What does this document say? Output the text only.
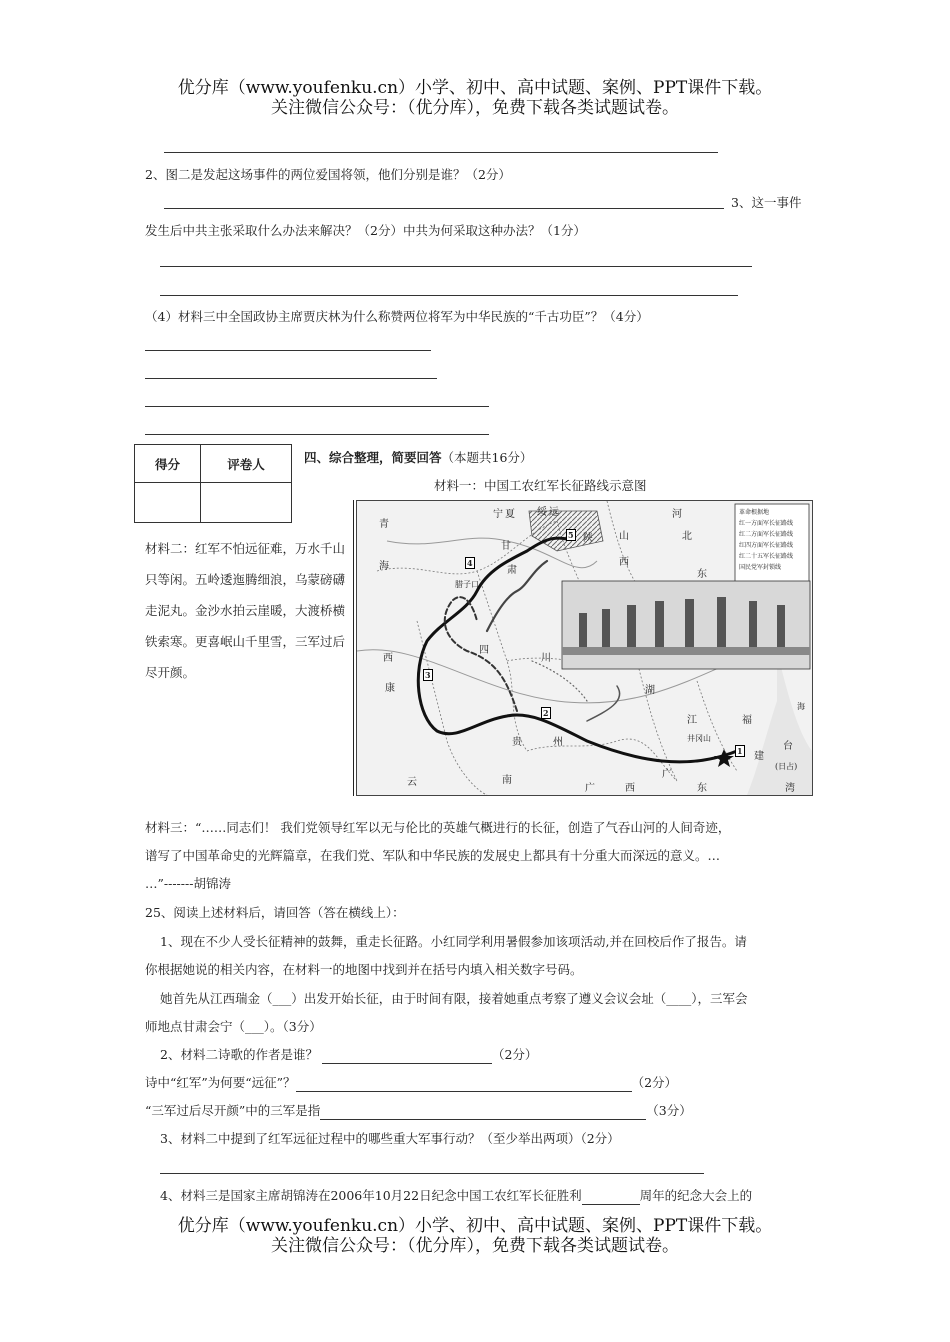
优分库（www.youfenku.cn）小学、初中、高中试题、案例、PPT课件下载。
关注微信公众号：（优分库），免费下载各类试题试卷。
2、图二是发起这场事件的两位爱国将领，他们分别是谁？（2分）
3、这一事件
发生后中共主张采取什么办法来解决？（2分）中共为何采取这种办法？（1分）
（4）材料三中全国政协主席贾庆林为什么称赞两位将军为中华民族的“千古功臣”？（4分）
得分	评卷人
		四、综合整理，简要回答（本题共16分）
材料一：中国工农红军长征路线示意图
材料二：红军不怕远征难，万水千山只等闲。五岭逶迤腾细浪，乌蒙磅礴走泥丸。金沙水拍云崖暖，大渡桥横铁索寒。更喜岷山千里雪，三军过后尽开颜。
革命根据地
红一方面军长征路线
红二方面军长征路线
红四方面军长征路线
红二十五军长征路线
国民党军封锁线
青
宁 夏 绥 远
陕
河
北
山
西
东
甘
肃
海
西
康
四
川
湖
江	福
建
贵	州
云	南
广	西
广
东
台
湾
(日占)
腊子口
井冈山
海
1
2
3
4
5
材料三：“……同志们！ 我们党领导红军以无与伦比的英雄气概进行的长征，创造了气吞山河的人间奇迹，
谱写了中国革命史的光辉篇章，在我们党、军队和中华民族的发展史上都具有十分重大而深远的意义。…
…”-------胡锦涛
25、阅读上述材料后，请回答（答在横线上）：
1、现在不少人受长征精神的鼓舞，重走长征路。小红同学利用暑假参加该项活动,并在回校后作了报告。请
你根据她说的相关内容，在材料一的地图中找到并在括号内填入相关数字号码。
她首先从江西瑞金（___）出发开始长征，由于时间有限，接着她重点考察了遵义会议会址（____），三军会
师地点甘肃会宁（___）。（3分）
2、材料二诗歌的作者是谁？	（2分）
诗中“红军”为何要“远征”？	（2分）
“三军过后尽开颜”中的三军是指	（3分）
3、材料二中提到了红军远征过程中的哪些重大军事行动？（至少举出两项）（2分）
4、材料三是国家主席胡锦涛在2006年10月22日纪念中国工农红军长征胜利	周年的纪念大会上的
优分库（www.youfenku.cn）小学、初中、高中试题、案例、PPT课件下载。
关注微信公众号：（优分库），免费下载各类试题试卷。
